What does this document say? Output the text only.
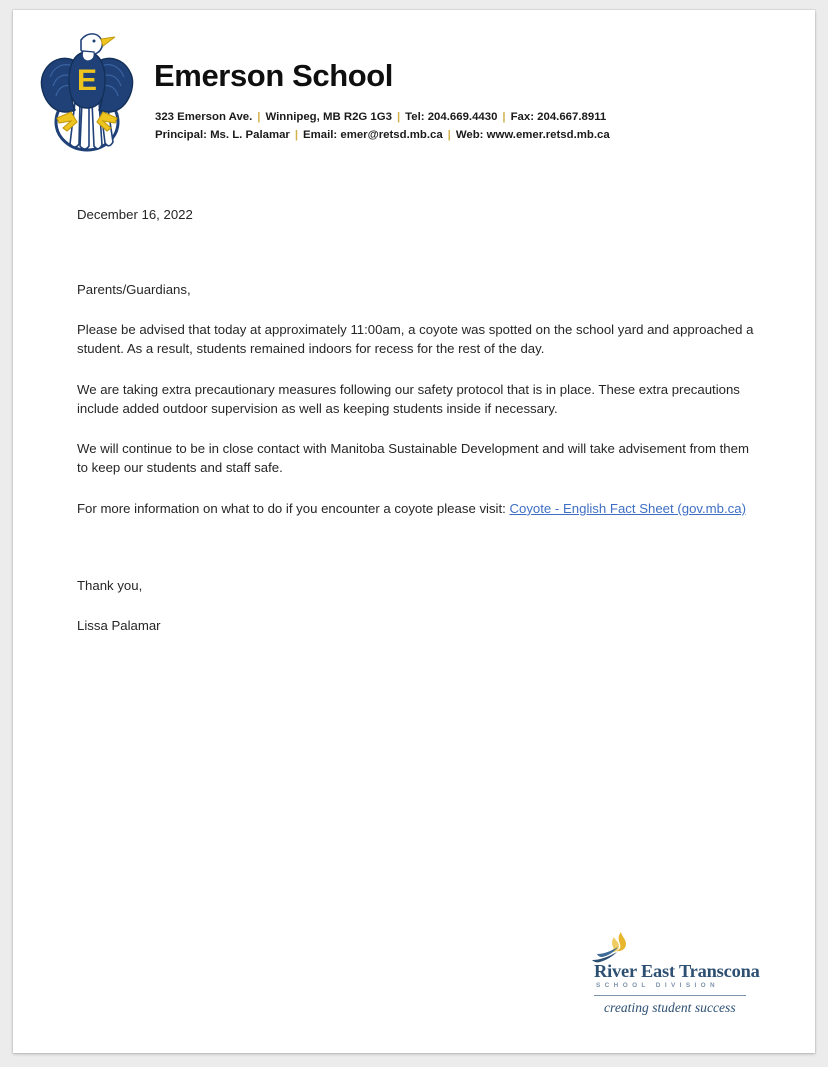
E Emerson School
323 Emerson Ave. | Winnipeg, MB R2G 1G3 | Tel: 204.669.4430 | Fax: 204.667.8911
Principal: Ms. L. Palamar | Email: emer@retsd.mb.ca | Web: www.emer.retsd.mb.ca

December 16, 2022

Parents/Guardians,

Please be advised that today at approximately 11:00am, a coyote was spotted on the school yard and approached a student. As a result, students remained indoors for recess for the rest of the day.

We are taking extra precautionary measures following our safety protocol that is in place. These extra precautions include added outdoor supervision as well as keeping students inside if necessary.

We will continue to be in close contact with Manitoba Sustainable Development and will take advisement from them to keep our students and staff safe.

For more information on what to do if you encounter a coyote please visit: Coyote - English Fact Sheet (gov.mb.ca)

Thank you,

Lissa Palamar

River East Transcona
SCHOOL DIVISION
creating student success
